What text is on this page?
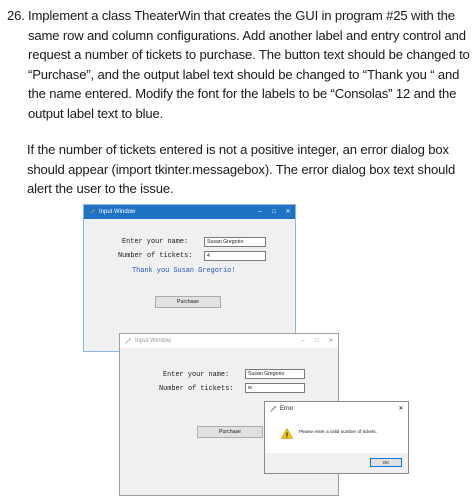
26. Implement a class TheaterWin that creates the GUI in program #25 with the
same row and column configurations. Add another label and entry control and
request a number of tickets to purchase. The button text should be changed to
“Purchase”, and the output label text should be changed to “Thank you “ and
the name entered. Modify the font for the labels to be “Consolas” 12 and the
output label text to blue.
If the number of tickets entered is not a positive integer, an error dialog box
should appear (import tkinter.messagebox). The error dialog box text should
alert the user to the issue.
Input Window	–	□	✕
Enter your name:	Susan Gregorio
Number of tickets:	4
Thank you Susan Gregorio!
Purchase
Input Window	–	□	✕
Enter your name:	Susan Gregorio
Number of tickets:	w
Purchase
Error	✕
!
Please enter a valid number of tickets.
OK
